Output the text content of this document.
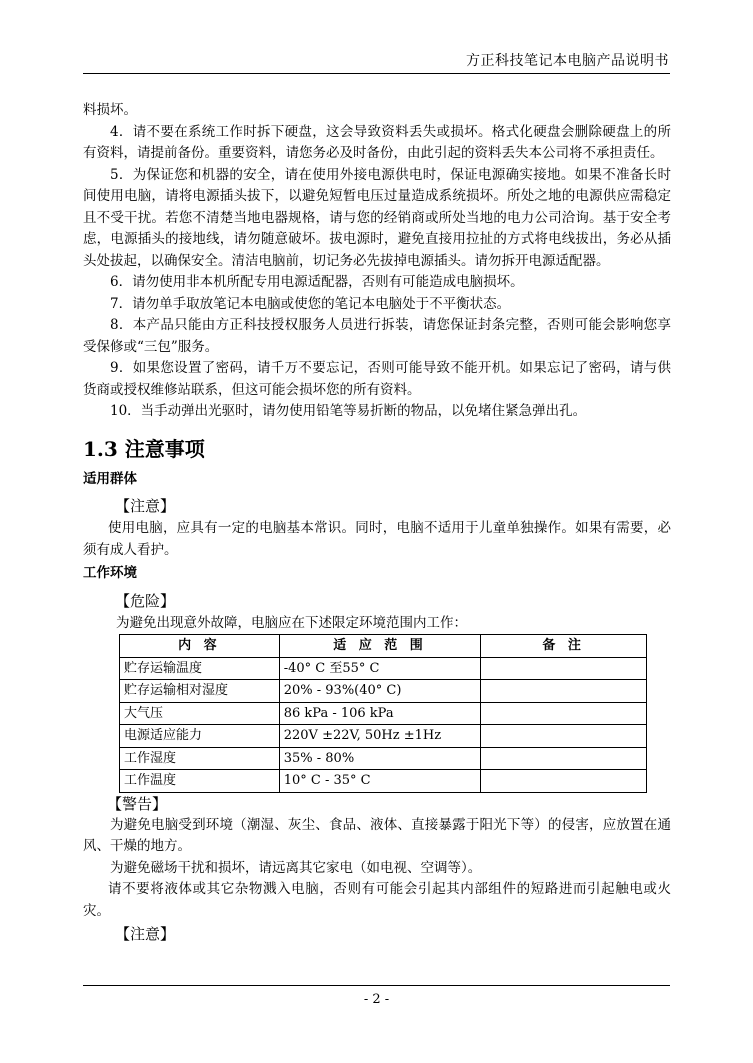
方正科技笔记本电脑产品说明书

料损坏。

4．请不要在系统工作时拆下硬盘，这会导致资料丢失或损坏。格式化硬盘会删除硬盘上的所有资料，请提前备份。重要资料，请您务必及时备份，由此引起的资料丢失本公司将不承担责任。

5．为保证您和机器的安全，请在使用外接电源供电时，保证电源确实接地。如果不准备长时间使用电脑，请将电源插头拔下，以避免短暂电压过量造成系统损坏。所处之地的电源供应需稳定且不受干扰。若您不清楚当地电器规格，请与您的经销商或所处当地的电力公司洽询。基于安全考虑，电源插头的接地线，请勿随意破坏。拔电源时，避免直接用拉扯的方式将电线拔出，务必从插头处拔起，以确保安全。清洁电脑前，切记务必先拔掉电源插头。请勿拆开电源适配器。

6．请勿使用非本机所配专用电源适配器，否则有可能造成电脑损坏。

7．请勿单手取放笔记本电脑或使您的笔记本电脑处于不平衡状态。

8．本产品只能由方正科技授权服务人员进行拆装，请您保证封条完整，否则可能会影响您享受保修或“三包”服务。

9．如果您设置了密码，请千万不要忘记，否则可能导致不能开机。如果忘记了密码，请与供货商或授权维修站联系，但这可能会损坏您的所有资料。

10．当手动弹出光驱时，请勿使用铅笔等易折断的物品，以免堵住紧急弹出孔。

1.3 注意事项
适用群体
【注意】

使用电脑，应具有一定的电脑基本常识。同时，电脑不适用于儿童单独操作。如果有需要，必须有成人看护。

工作环境
【危险】

为避免出现意外故障，电脑应在下述限定环境范围内工作：

内 容	适 应 范 围	备 注
贮存运输温度	-40° C 至55° C	
贮存运输相对湿度	20% - 93%(40° C)	
大气压	86 kPa - 106 kPa	
电源适应能力	220V ±22V, 50Hz ±1Hz	
工作湿度	35% - 80%	
工作温度	10° C - 35° C	
【警告】

为避免电脑受到环境（潮湿、灰尘、食品、液体、直接暴露于阳光下等）的侵害，应放置在通风、干燥的地方。

为避免磁场干扰和损坏，请远离其它家电（如电视、空调等）。

请不要将液体或其它杂物溅入电脑，否则有可能会引起其内部组件的短路进而引起触电或火灾。

【注意】
- 2 -
